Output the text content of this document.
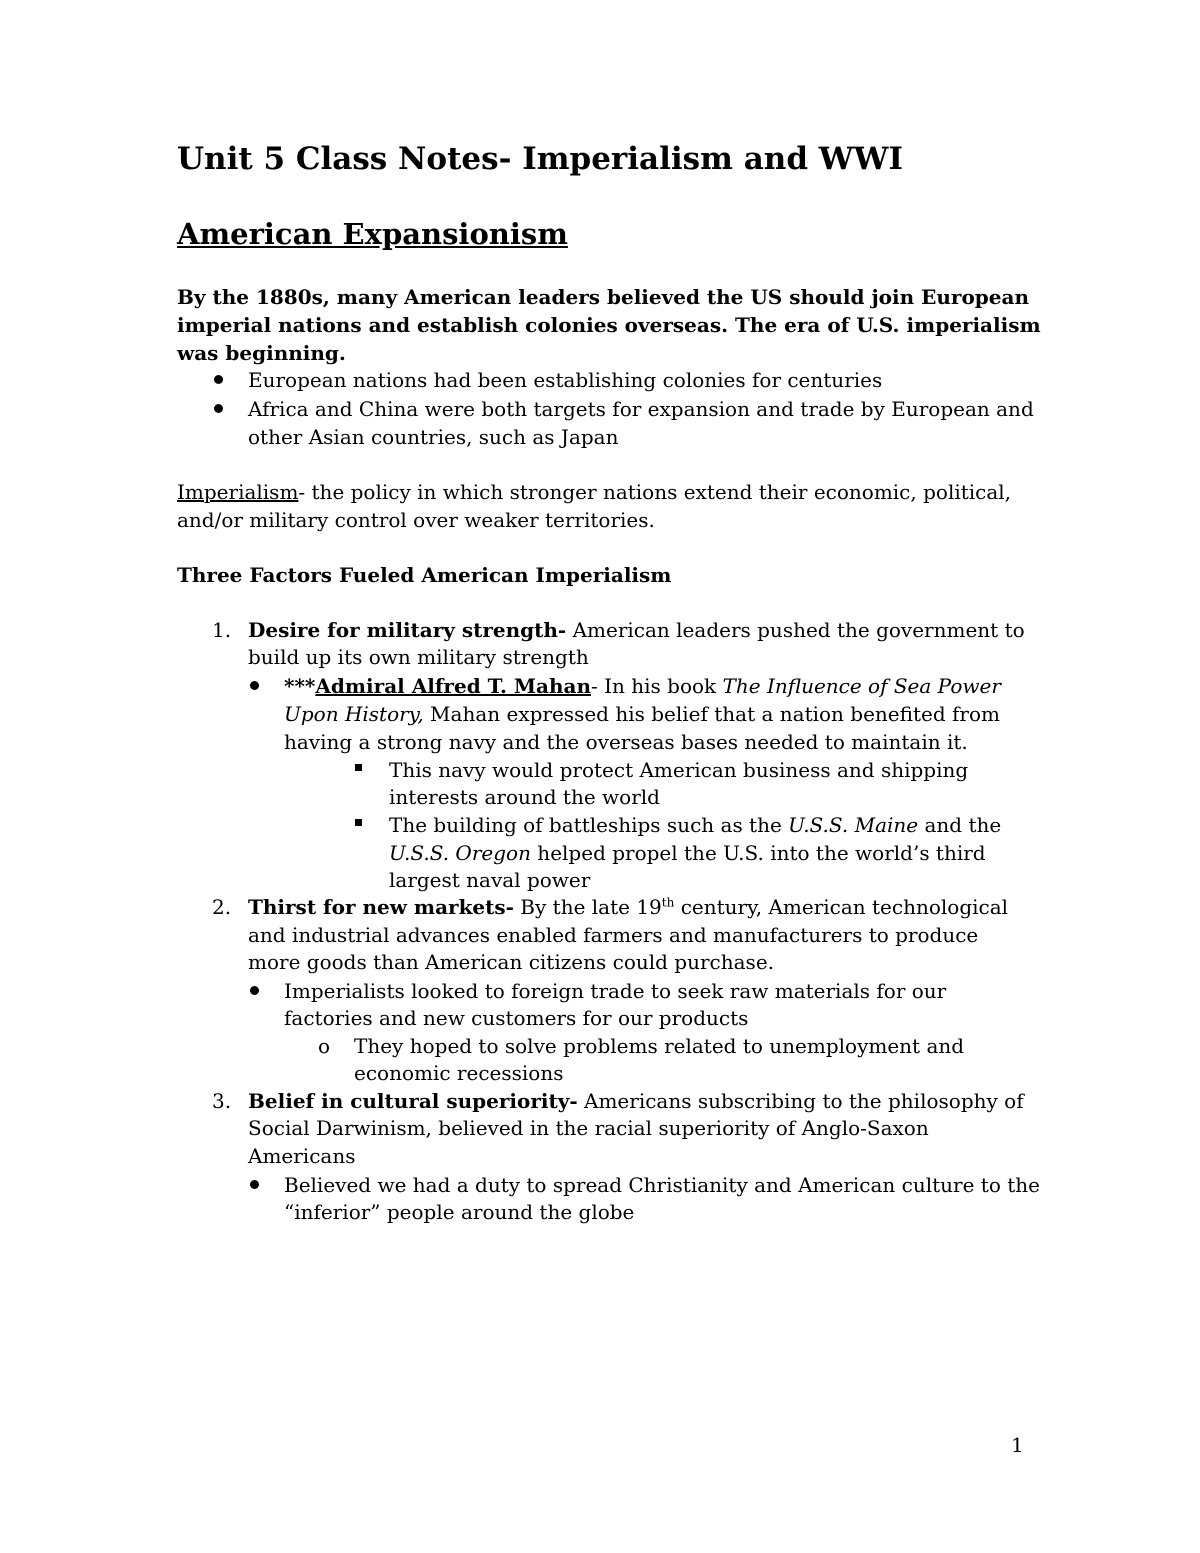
Unit 5 Class Notes- Imperialism and WWI
American Expansionism
By the 1880s, many American leaders believed the US should join European
imperial nations and establish colonies overseas. The era of U.S. imperialism
was beginning.
European nations had been establishing colonies for centuries
Africa and China were both targets for expansion and trade by European and
other Asian countries, such as Japan
Imperialism- the policy in which stronger nations extend their economic, political,
and/or military control over weaker territories.
Three Factors Fueled American Imperialism
1. Desire for military strength- American leaders pushed the government to
build up its own military strength
***Admiral Alfred T. Mahan- In his book The Influence of Sea Power
Upon History, Mahan expressed his belief that a nation benefited from
having a strong navy and the overseas bases needed to maintain it.
This navy would protect American business and shipping
interests around the world
The building of battleships such as the U.S.S. Maine and the
U.S.S. Oregon helped propel the U.S. into the world’s third
largest naval power
2. Thirst for new markets- By the late 19th century, American technological
and industrial advances enabled farmers and manufacturers to produce
more goods than American citizens could purchase.
Imperialists looked to foreign trade to seek raw materials for our
factories and new customers for our products
o They hoped to solve problems related to unemployment and
economic recessions
3. Belief in cultural superiority- Americans subscribing to the philosophy of
Social Darwinism, believed in the racial superiority of Anglo-Saxon
Americans
Believed we had a duty to spread Christianity and American culture to the
“inferior” people around the globe
1
